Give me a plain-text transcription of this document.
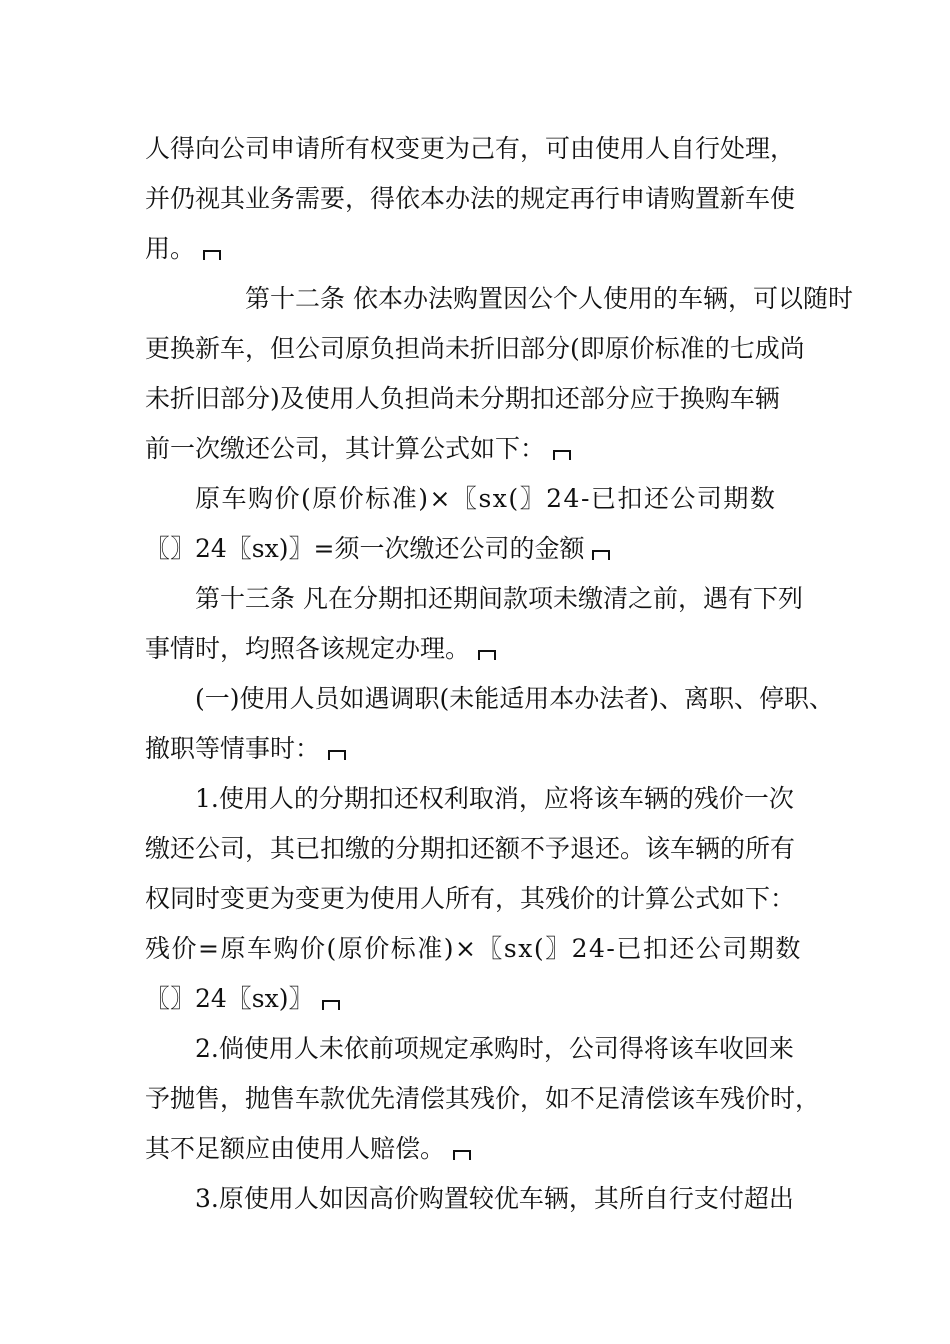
人得向公司申请所有权变更为己有，可由使用人自行处理，
并仍视其业务需要，得依本办法的规定再行申请购置新车使
用。

第十二条 依本办法购置因公个人使用的车辆，可以随时
更换新车，但公司原负担尚未折旧部分(即原价标准的七成尚
未折旧部分)及使用人负担尚未分期扣还部分应于换购车辆
前一次缴还公司，其计算公式如下：

原车购价(原价标准)×〖sx(〗24-已扣还公司期数
〖〗24〖sx)〗=须一次缴还公司的金额

第十三条 凡在分期扣还期间款项未缴清之前，遇有下列
事情时，均照各该规定办理。

(一)使用人员如遇调职(未能适用本办法者)、离职、停职、
撤职等情事时：

1.使用人的分期扣还权利取消，应将该车辆的残价一次
缴还公司，其已扣缴的分期扣还额不予退还。该车辆的所有
权同时变更为变更为使用人所有，其残价的计算公式如下：
残价=原车购价(原价标准)×〖sx(〗24-已扣还公司期数
〖〗24〖sx)〗

2.倘使用人未依前项规定承购时，公司得将该车收回来
予抛售，抛售车款优先清偿其残价，如不足清偿该车残价时，
其不足额应由使用人赔偿。

3.原使用人如因高价购置较优车辆，其所自行支付超出
